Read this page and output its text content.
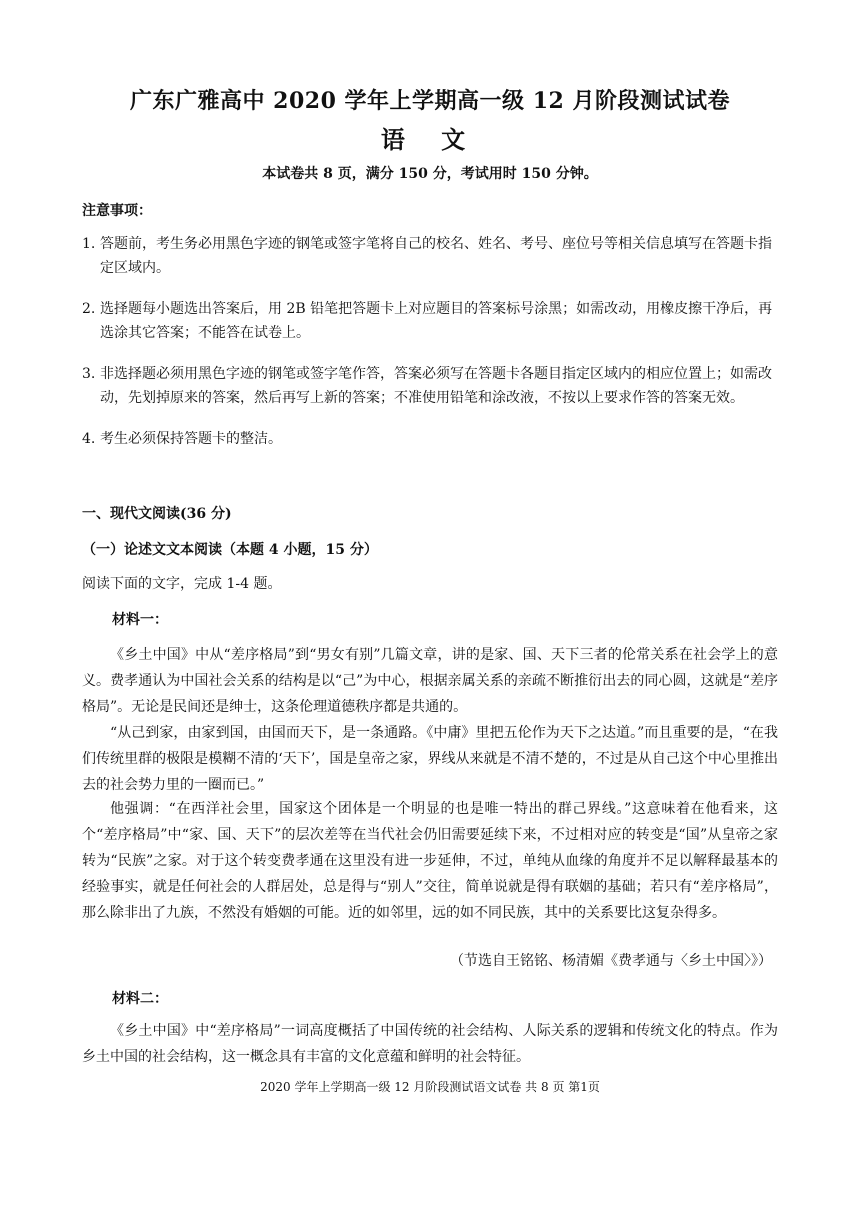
广东广雅高中 2020 学年上学期高一级 12 月阶段测试试卷
语 文
本试卷共 8 页，满分 150 分，考试用时 150 分钟。
注意事项：
1. 答题前，考生务必用黑色字迹的钢笔或签字笔将自己的校名、姓名、考号、座位号等相关信息填写在答题卡指定区域内。
2. 选择题每小题选出答案后，用 2B 铅笔把答题卡上对应题目的答案标号涂黑；如需改动，用橡皮擦干净后，再选涂其它答案；不能答在试卷上。
3. 非选择题必须用黑色字迹的钢笔或签字笔作答，答案必须写在答题卡各题目指定区域内的相应位置上；如需改动，先划掉原来的答案，然后再写上新的答案；不准使用铅笔和涂改液，不按以上要求作答的答案无效。
4. 考生必须保持答题卡的整洁。
一、现代文阅读(36 分)
（一）论述文文本阅读（本题 4 小题，15 分）
阅读下面的文字，完成 1-4 题。
材料一：

《乡土中国》中从“差序格局”到“男女有别”几篇文章，讲的是家、国、天下三者的伦常关系在社会学上的意义。费孝通认为中国社会关系的结构是以“己”为中心，根据亲属关系的亲疏不断推衍出去的同心圆，这就是“差序格局”。无论是民间还是绅士，这条伦理道德秩序都是共通的。

“从己到家，由家到国，由国而天下，是一条通路。《中庸》里把五伦作为天下之达道。”而且重要的是，“在我们传统里群的极限是模糊不清的‘天下’，国是皇帝之家，界线从来就是不清不楚的，不过是从自己这个中心里推出去的社会势力里的一圈而已。”

他强调：“在西洋社会里，国家这个团体是一个明显的也是唯一特出的群己界线。”这意味着在他看来，这个“差序格局”中“家、国、天下”的层次差等在当代社会仍旧需要延续下来，不过相对应的转变是“国”从皇帝之家转为“民族”之家。对于这个转变费孝通在这里没有进一步延伸，不过，单纯从血缘的角度并不足以解释最基本的经验事实，就是任何社会的人群居处，总是得与“别人”交往，简单说就是得有联姻的基础；若只有“差序格局”，那么除非出了九族，不然没有婚姻的可能。近的如邻里，远的如不同民族，其中的关系要比这复杂得多。

（节选自王铭铭、杨清媚《费孝通与〈乡土中国〉》）
材料二：

《乡土中国》中“差序格局”一词高度概括了中国传统的社会结构、人际关系的逻辑和传统文化的特点。作为乡土中国的社会结构，这一概念具有丰富的文化意蕴和鲜明的社会特征。

2020 学年上学期高一级 12 月阶段测试语文试卷 共 8 页 第1页
